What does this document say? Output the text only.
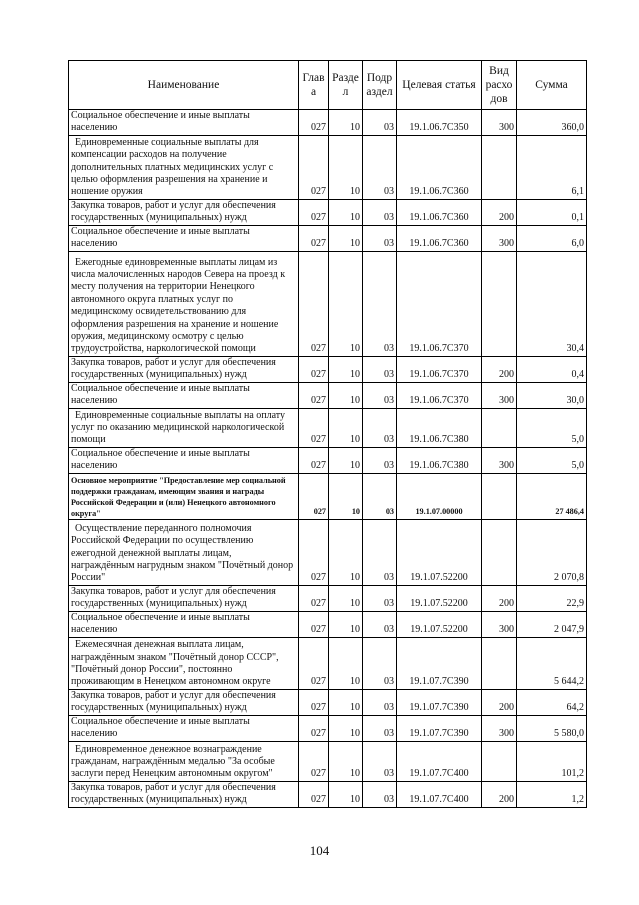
Наименование	Глав а	Разде л	Подр аздел	Целевая статья	Вид расхо дов	Сумма
Социальное обеспечение и иные выплаты населению	027	10	03	19.1.06.7С350	300	360,0
Единовременные социальные выплаты для компенсации расходов на получение дополнительных платных медицинских услуг с целью оформления разрешения на хранение и ношение оружия	027	10	03	19.1.06.7С360		6,1
Закупка товаров, работ и услуг для обеспечения государственных (муниципальных) нужд	027	10	03	19.1.06.7С360	200	0,1
Социальное обеспечение и иные выплаты населению	027	10	03	19.1.06.7С360	300	6,0
Ежегодные единовременные выплаты лицам из числа малочисленных народов Севера на проезд к месту получения на территории Ненецкого автономного округа платных услуг по медицинскому освидетельствованию для оформления разрешения на хранение и ношение оружия, медицинскому осмотру с целью трудоустройства, наркологической помощи	027	10	03	19.1.06.7С370		30,4
Закупка товаров, работ и услуг для обеспечения государственных (муниципальных) нужд	027	10	03	19.1.06.7С370	200	0,4
Социальное обеспечение и иные выплаты населению	027	10	03	19.1.06.7С370	300	30,0
Единовременные социальные выплаты на оплату услуг по оказанию медицинской наркологической помощи	027	10	03	19.1.06.7С380		5,0
Социальное обеспечение и иные выплаты населению	027	10	03	19.1.06.7С380	300	5,0
Основное мероприятие "Предоставление мер социальной поддержки гражданам, имеющим звания и награды Российской Федерации и (или) Ненецкого автономного округа"	027	10	03	19.1.07.00000		27 486,4
Осуществление переданного полномочия Российской Федерации по осуществлению ежегодной денежной выплаты лицам, награждённым нагрудным знаком "Почётный донор России"	027	10	03	19.1.07.52200		2 070,8
Закупка товаров, работ и услуг для обеспечения государственных (муниципальных) нужд	027	10	03	19.1.07.52200	200	22,9
Социальное обеспечение и иные выплаты населению	027	10	03	19.1.07.52200	300	2 047,9
Ежемесячная денежная выплата лицам, награждённым знаком "Почётный донор СССР", "Почётный донор России", постоянно проживающим в Ненецком автономном округе	027	10	03	19.1.07.7С390		5 644,2
Закупка товаров, работ и услуг для обеспечения государственных (муниципальных) нужд	027	10	03	19.1.07.7С390	200	64,2
Социальное обеспечение и иные выплаты населению	027	10	03	19.1.07.7С390	300	5 580,0
Единовременное денежное вознаграждение гражданам, награждённым медалью "За особые заслуги перед Ненецким автономным округом"	027	10	03	19.1.07.7С400		101,2
Закупка товаров, работ и услуг для обеспечения государственных (муниципальных) нужд	027	10	03	19.1.07.7С400	200	1,2
104
